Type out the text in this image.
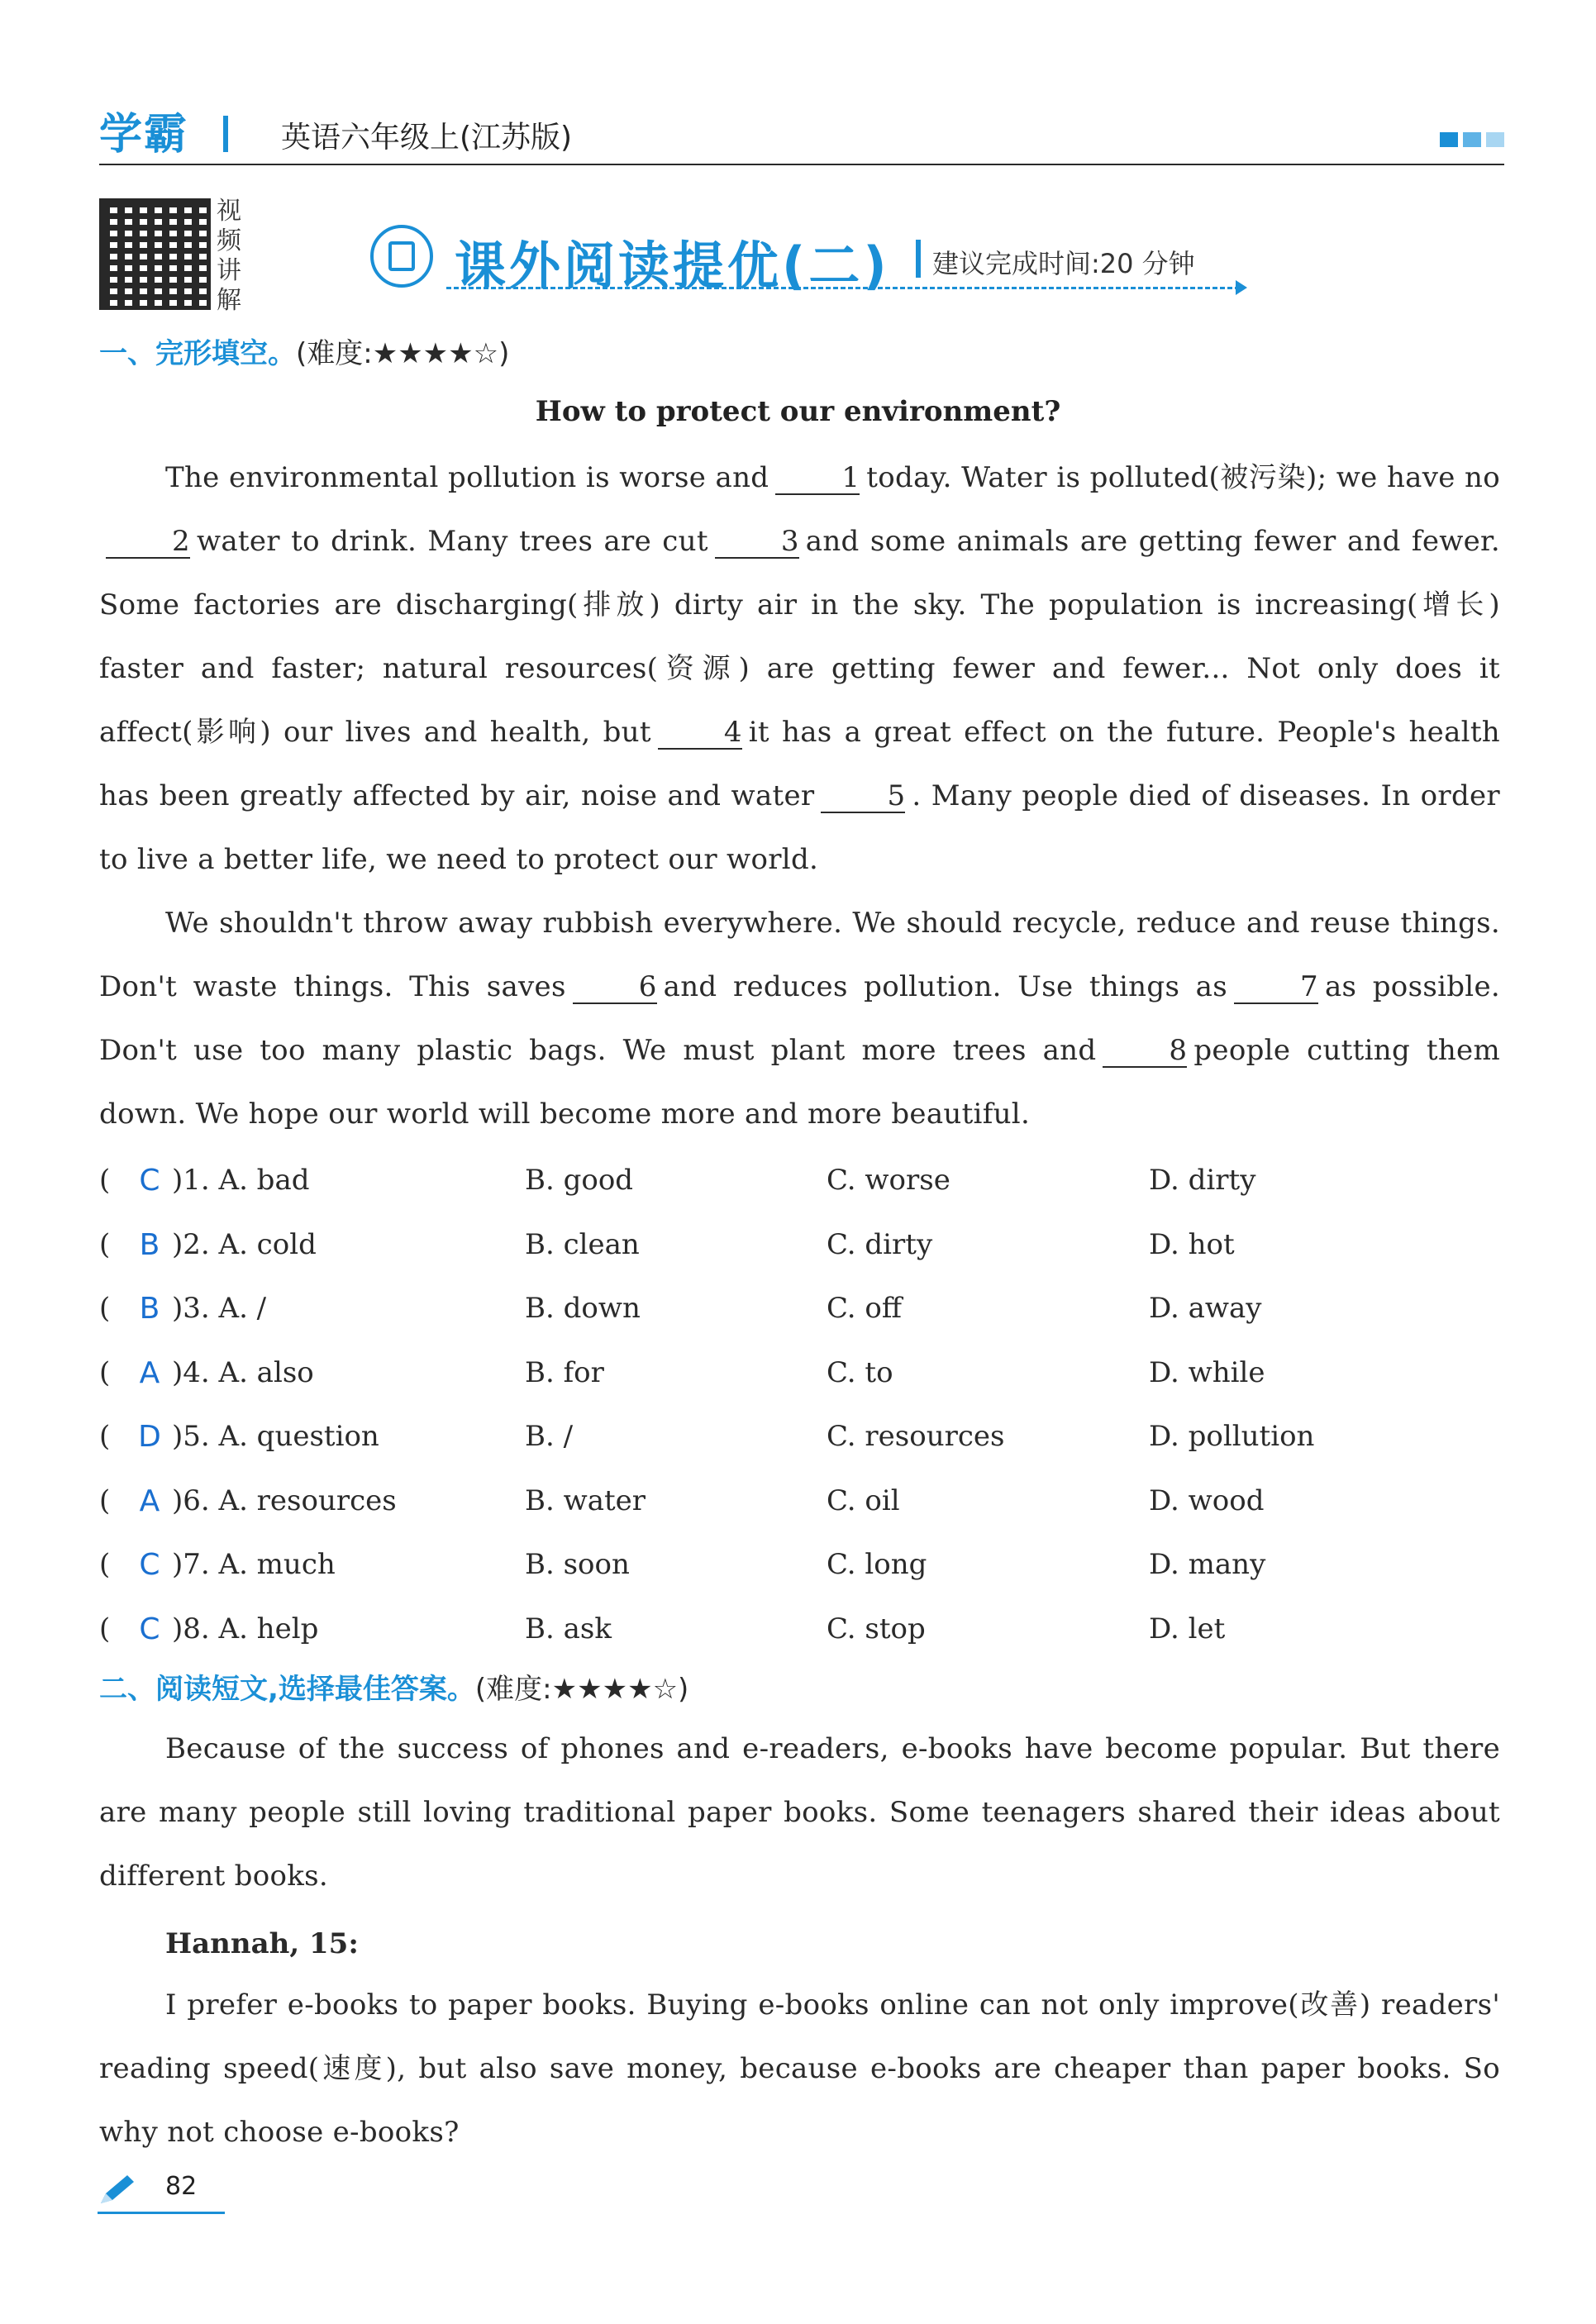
学霸	英语六年级上(江苏版)
视频讲解
课外阅读提优(二) 建议完成时间:20 分钟
一、完形填空。(难度:★★★★☆)
How to protect our environment?

The environmental pollution is worse and	1 today. Water is polluted(被污染); we have no 2 water to drink. Many trees are cut	3 and some animals are getting fewer and fewer. Some factories are discharging(排放) dirty air in the sky. The population is increasing(增长) faster and faster; natural resources(资源) are getting fewer and fewer... Not only does it affect(影响) our lives and health, but	4 it has a great effect on the future. People's health has been greatly affected by air, noise and water	5 . Many people died of diseases. In order to live a better life, we need to protect our world.

We shouldn't throw away rubbish everywhere. We should recycle, reduce and reuse things. Don't waste things. This saves	6 and reduces pollution. Use things as	7 as possible. Don't use too many plastic bags. We must plant more trees and	8 people cutting them down. We hope our world will become more and more beautiful.

( C )1. A. bad	B. good	C. worse	D. dirty
( B )2. A. cold	B. clean	C. dirty	D. hot
( B )3. A. /	B. down	C. off	D. away
( A )4. A. also	B. for	C. to	D. while
( D )5. A. question	B. /	C. resources	D. pollution
( A )6. A. resources	B. water	C. oil	D. wood
( C )7. A. much	B. soon	C. long	D. many
( C )8. A. help	B. ask	C. stop	D. let
二、阅读短文,选择最佳答案。(难度:★★★★☆)

Because of the success of phones and e-readers, e-books have become popular. But there are many people still loving traditional paper books. Some teenagers shared their ideas about different books.

Hannah, 15:

I prefer e-books to paper books. Buying e-books online can not only improve(改善) readers' reading speed(速度), but also save money, because e-books are cheaper than paper books. So why not choose e-books?

82
